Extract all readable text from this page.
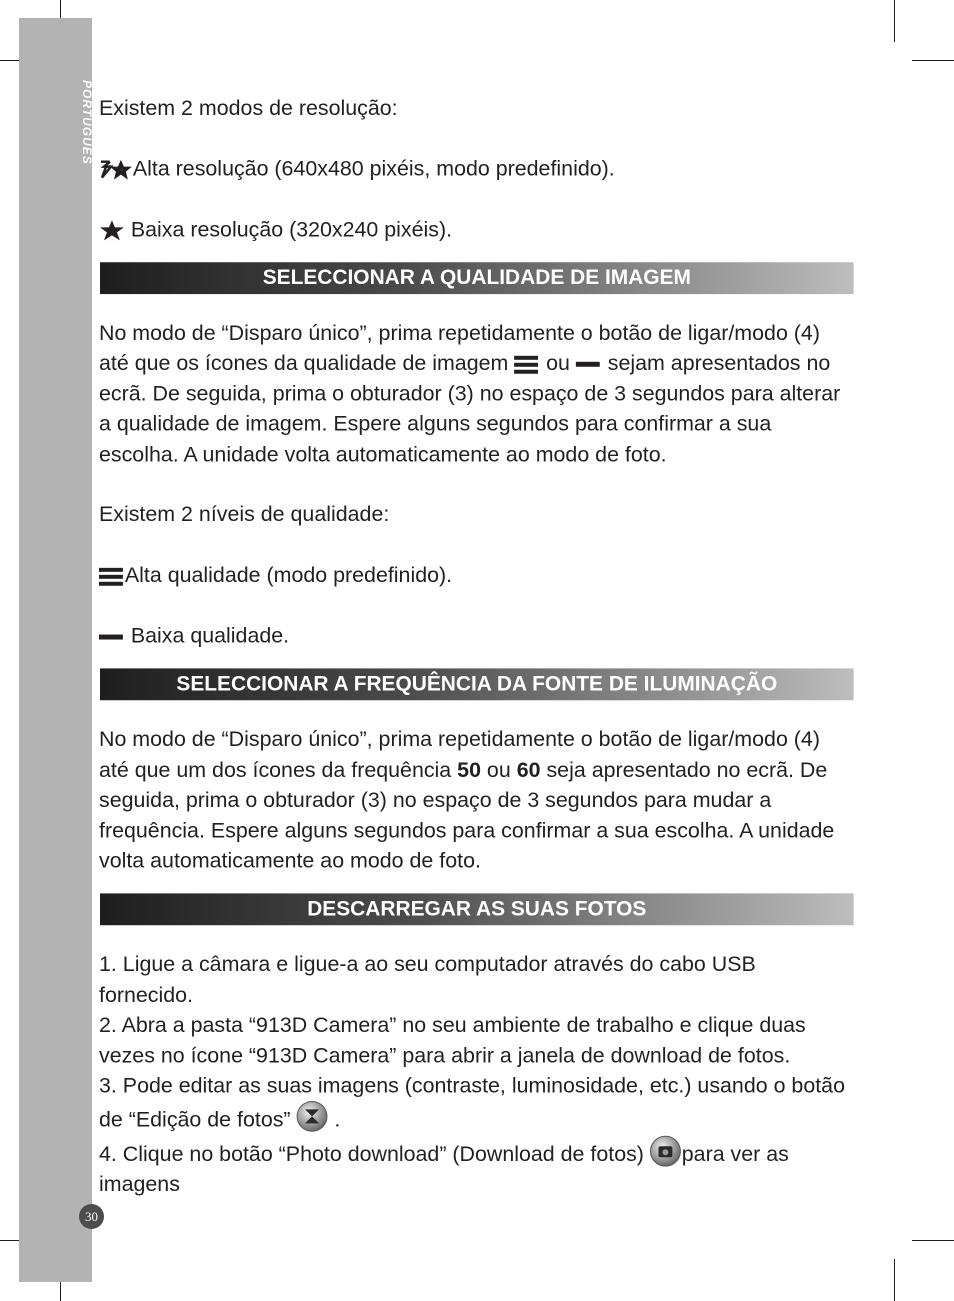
PORTUGUÊS Existem 2 modos de resolução:

Alta resolução (640x480 pixéis, modo predefinido).

Baixa resolução (320x240 pixéis).

SELECCIONAR A QUALIDADE DE IMAGEM

No modo de “Disparo único”, prima repetidamente o botão de ligar/modo (4) até que os ícones da qualidade de imagem ou sejam apresentados no ecrã. De seguida, prima o obturador (3) no espaço de 3 segundos para alterar a qualidade de imagem. Espere alguns segundos para confirmar a sua escolha. A unidade volta automaticamente ao modo de foto.

Existem 2 níveis de qualidade:

Alta qualidade (modo predefinido).

Baixa qualidade.

SELECCIONAR A FREQUÊNCIA DA FONTE DE ILUMINAÇÃO

No modo de “Disparo único”, prima repetidamente o botão de ligar/modo (4) até que um dos ícones da frequência 50 ou 60 seja apresentado no ecrã. De seguida, prima o obturador (3) no espaço de 3 segundos para mudar a frequência. Espere alguns segundos para confirmar a sua escolha. A unidade volta automaticamente ao modo de foto.

DESCARREGAR AS SUAS FOTOS

1. Ligue a câmara e ligue-a ao seu computador através do cabo USB fornecido.

2. Abra a pasta “913D Camera” no seu ambiente de trabalho e clique duas vezes no ícone “913D Camera” para abrir a janela de download de fotos.

3. Pode editar as suas imagens (contraste, luminosidade, etc.) usando o botão de “Edição de fotos” .

4. Clique no botão “Photo download” (Download de fotos) para ver as imagens

30
